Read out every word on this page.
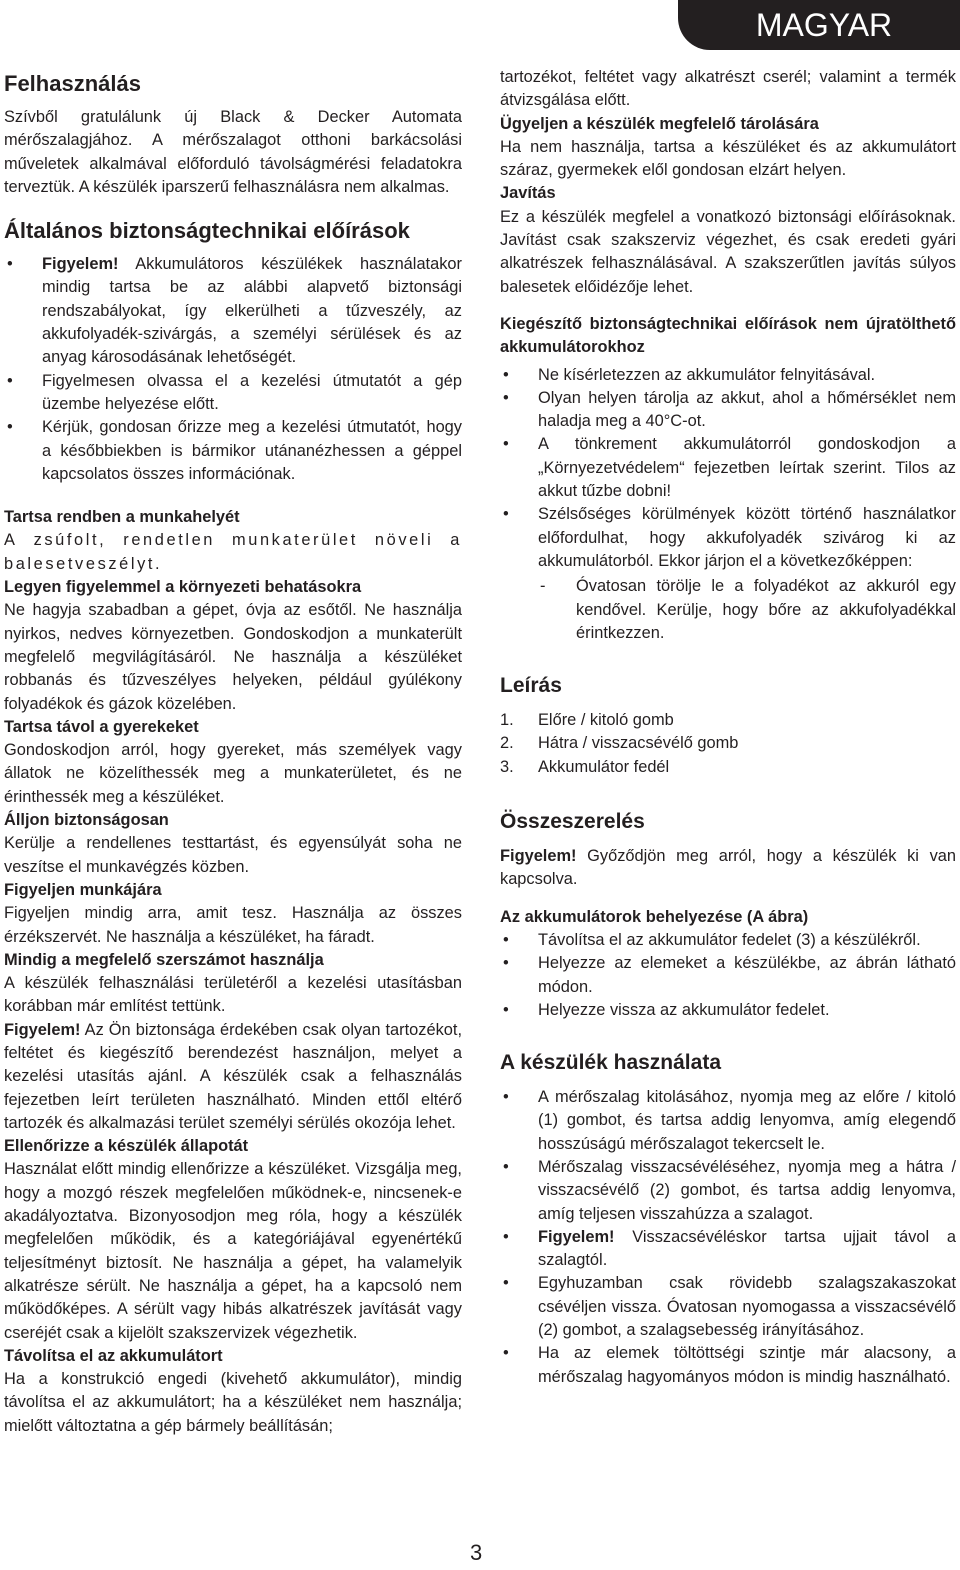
MAGYAR
Felhasználás

Szívből gratulálunk új Black & Decker Automata mérőszalagjához. A mérőszalagot otthoni barkácsolási műveletek alkalmával előforduló távolságmérési feladatokra terveztük. A készülék iparszerű felhasználásra nem alkalmas.

Általános biztonságtechnikai előírások
• Figyelem! Akkumulátoros készülékek használatakor mindig tartsa be az alábbi alapvető biztonsági rendszabályokat, így elkerülheti a tűzveszély, az akkufolyadék-szivárgás, a személyi sérülések és az anyag károsodásának lehetőségét.
• Figyelmesen olvassa el a kezelési útmutatót a gép üzembe helyezése előtt.
• Kérjük, gondosan őrizze meg a kezelési útmutatót, hogy a későbbiekben is bármikor utánanézhessen a géppel kapcsolatos összes információnak.
Tartsa rendben a munkahelyét

A zsúfolt, rendetlen munkaterület növeli a balesetveszélyt.

Legyen figyelemmel a környezeti behatásokra

Ne hagyja szabadban a gépet, óvja az esőtől. Ne használja nyirkos, nedves környezetben. Gondoskodjon a munkaterült megfelelő megvilágításáról. Ne használja a készüléket robbanás és tűzveszélyes helyeken, például gyúlékony folyadékok és gázok közelében.

Tartsa távol a gyerekeket

Gondoskodjon arról, hogy gyereket, más személyek vagy állatok ne közelíthessék meg a munkaterületet, és ne érinthessék meg a készüléket.

Álljon biztonságosan

Kerülje a rendellenes testtartást, és egyensúlyát soha ne veszítse el munkavégzés közben.

Figyeljen munkájára

Figyeljen mindig arra, amit tesz. Használja az összes érzékszervét. Ne használja a készüléket, ha fáradt.

Mindig a megfelelő szerszámot használja

A készülék felhasználási területéről a kezelési utasításban korábban már említést tettünk.

Figyelem! Az Ön biztonsága érdekében csak olyan tartozékot, feltétet és kiegészítő berendezést használjon, melyet a kezelési utasítás ajánl. A készülék csak a felhasználás fejezetben leírt területen használható. Minden ettől eltérő tartozék és alkalmazási terület személyi sérülés okozója lehet.

Ellenőrizze a készülék állapotát

Használat előtt mindig ellenőrizze a készüléket. Vizsgálja meg, hogy a mozgó részek megfelelően működnek-e, nincsenek-e akadályoztatva. Bizonyosodjon meg róla, hogy a készülék megfelelően működik, és a kategóriájával egyenértékű teljesítményt biztosít. Ne használja a gépet, ha valamelyik alkatrésze sérült. Ne használja a gépet, ha a kapcsoló nem működőképes. A sérült vagy hibás alkatrészek javítását vagy cseréjét csak a kijelölt szakszervizek végezhetik.

Távolítsa el az akkumulátort

Ha a konstrukció engedi (kivehető akkumulátor), mindig távolítsa el az akkumulátort; ha a készüléket nem használja; mielőtt változtatna a gép bármely beállításán;

tartozékot, feltétet vagy alkatrészt cserél; valamint a termék átvizsgálása előtt.

Ügyeljen a készülék megfelelő tárolására

Ha nem használja, tartsa a készüléket és az akkumulátort száraz, gyermekek elől gondosan elzárt helyen.

Javítás

Ez a készülék megfelel a vonatkozó biztonsági előírásoknak. Javítást csak szakszerviz végezhet, és csak eredeti gyári alkatrészek felhasználásával. A szakszerűtlen javítás súlyos balesetek előidézője lehet.

Kiegészítő biztonságtechnikai előírások nem újratölthető akkumulátorokhoz
• Ne kísérletezzen az akkumulátor felnyitásával.
• Olyan helyen tárolja az akkut, ahol a hőmérséklet nem haladja meg a 40°C-ot.
• A tönkrement akkumulátorról gondoskodjon a „Környezetvédelem“ fejezetben leírtak szerint. Tilos az akkut tűzbe dobni!
• Szélsőséges körülmények között történő használatkor előfordulhat, hogy akkufolyadék szivárog ki az akkumulátorból. Ekkor járjon el a következőképpen:
- Óvatosan törölje le a folyadékot az akkuról egy kendővel. Kerülje, hogy bőre az akkufolyadékkal érintkezzen.
Leírás
1. Előre / kitoló gomb
2. Hátra / visszacsévélő gomb
3. Akkumulátor fedél
Összeszerelés

Figyelem! Győződjön meg arról, hogy a készülék ki van kapcsolva.

Az akkumulátorok behelyezése (A ábra)
• Távolítsa el az akkumulátor fedelet (3) a készülékről.
• Helyezze az elemeket a készülékbe, az ábrán látható módon.
• Helyezze vissza az akkumulátor fedelet.
A készülék használata
• A mérőszalag kitolásához, nyomja meg az előre / kitoló (1) gombot, és tartsa addig lenyomva, amíg elegendő hosszúságú mérőszalagot tekercselt le.
• Mérőszalag visszacsévéléséhez, nyomja meg a hátra / visszacsévélő (2) gombot, és tartsa addig lenyomva, amíg teljesen visszahúzza a szalagot.
• Figyelem! Visszacsévéléskor tartsa ujjait távol a szalagtól.
• Egyhuzamban csak rövidebb szalagszakaszokat csévéljen vissza. Óvatosan nyomogassa a visszacsévélő (2) gombot, a szalagsebesség irányításához.
• Ha az elemek töltöttségi szintje már alacsony, a mérőszalag hagyományos módon is mindig használható.
3
